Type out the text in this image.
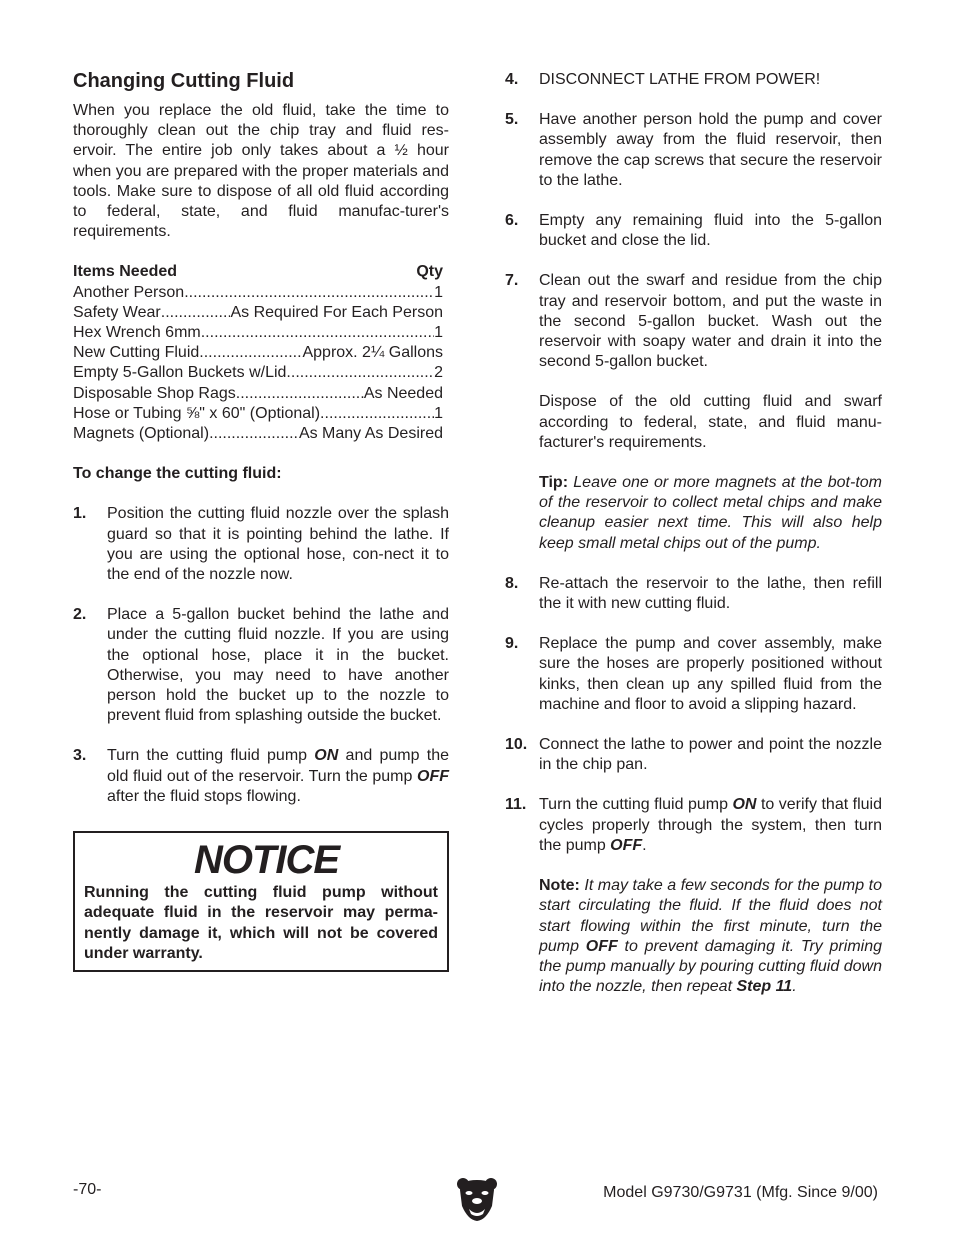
Changing Cutting Fluid

When you replace the old fluid, take the time to thoroughly clean out the chip tray and fluid res-ervoir. The entire job only takes about a ½ hour when you are prepared with the proper materials and tools. Make sure to dispose of all old fluid according to federal, state, and fluid manufac-turer's requirements.

Items Needed	Qty
Another Person .....	1
Safety Wear .....	As Required For Each Person
Hex Wrench 6mm .....	1
New Cutting Fluid .....	Approx. 2¼ Gallons
Empty 5-Gallon Buckets w/Lid .....	2
Disposable Shop Rags .....	As Needed
Hose or Tubing ⅝" x 60" (Optional) .....	1
Magnets (Optional) .....	As Many As Desired
To change the cutting fluid:
1.	Position the cutting fluid nozzle over the splash guard so that it is pointing behind the lathe. If you are using the optional hose, con-nect it to the end of the nozzle now.
2.	Place a 5-gallon bucket behind the lathe and under the cutting fluid nozzle. If you are using the optional hose, place it in the bucket. Otherwise, you may need to have another person hold the bucket up to the nozzle to prevent fluid from splashing outside the bucket.
3.	Turn the cutting fluid pump ON and pump the old fluid out of the reservoir. Turn the pump OFF after the fluid stops flowing.
NOTICE
Running the cutting fluid pump without adequate fluid in the reservoir may perma-nently damage it, which will not be covered under warranty.
4.	DISCONNECT LATHE FROM POWER!
5.	Have another person hold the pump and cover assembly away from the fluid reservoir, then remove the cap screws that secure the reservoir to the lathe.
6.	Empty any remaining fluid into the 5-gallon bucket and close the lid.
7.	Clean out the swarf and residue from the chip tray and reservoir bottom, and put the waste in the second 5-gallon bucket. Wash out the reservoir with soapy water and drain it into the second 5-gallon bucket.

Dispose of the old cutting fluid and swarf according to federal, state, and fluid manu-facturer's requirements.

Tip: Leave one or more magnets at the bot-tom of the reservoir to collect metal chips and make cleanup easier next time. This will also help keep small metal chips out of the pump.

8.	Re-attach the reservoir to the lathe, then refill the it with new cutting fluid.
9.	Replace the pump and cover assembly, make sure the hoses are properly positioned without kinks, then clean up any spilled fluid from the machine and floor to avoid a slipping hazard.
10. Connect the lathe to power and point the nozzle in the chip pan.
11. Turn the cutting fluid pump ON to verify that fluid cycles properly through the system, then turn the pump OFF.

Note: It may take a few seconds for the pump to start circulating the fluid. If the fluid does not start flowing within the first minute, turn the pump OFF to prevent damaging it. Try priming the pump manually by pouring cutting fluid down into the nozzle, then repeat Step 11.

-70-	Model G9730/G9731 (Mfg. Since 9/00)
